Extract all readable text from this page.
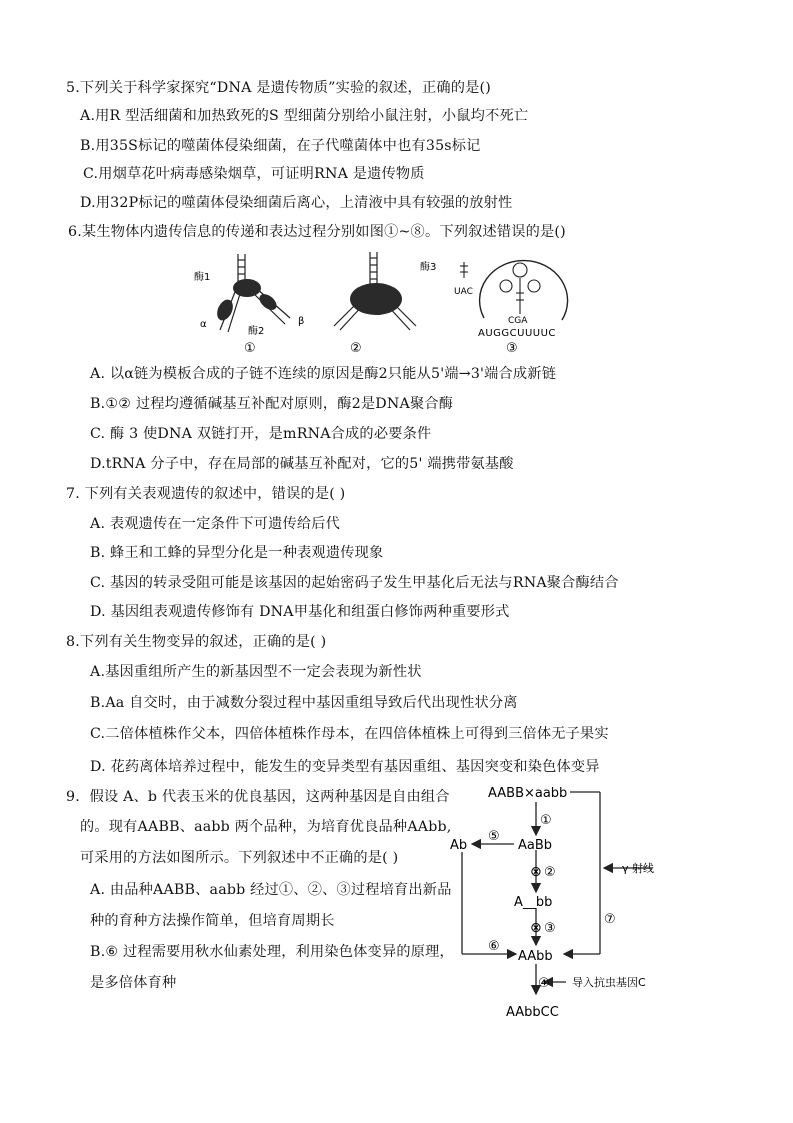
5.下列关于科学家探究“DNA 是遗传物质”实验的叙述，正确的是()
A.用R 型活细菌和加热致死的S 型细菌分别给小鼠注射，小鼠均不死亡
B.用35S标记的噬菌体侵染细菌，在子代噬菌体中也有35s标记
C.用烟草花叶病毒感染烟草，可证明RNA 是遗传物质
D.用32P标记的噬菌体侵染细菌后离心，上清液中具有较强的放射性
6.某生物体内遗传信息的传递和表达过程分别如图①~⑧。下列叙述错误的是()
酶1
α
酶2
β
①
酶3
②
UAC
CGA
AUGGCUUUUC
③
A. 以α链为模板合成的子链不连续的原因是酶2只能从5'端→3'端合成新链
B.①② 过程均遵循碱基互补配对原则，酶2是DNA聚合酶
C. 酶 3 使DNA 双链打开，是mRNA合成的必要条件
D.tRNA 分子中，存在局部的碱基互补配对，它的5' 端携带氨基酸
7. 下列有关表观遗传的叙述中，错误的是( )
A. 表观遗传在一定条件下可遗传给后代
B. 蜂王和工蜂的异型分化是一种表观遗传现象
C. 基因的转录受阻可能是该基因的起始密码子发生甲基化后无法与RNA聚合酶结合
D. 基因组表观遗传修饰有 DNA甲基化和组蛋白修饰两种重要形式
8.下列有关生物变异的叙述，正确的是( )
A.基因重组所产生的新基因型不一定会表现为新性状
B.Aa 自交时，由于减数分裂过程中基因重组导致后代出现性状分离
C.二倍体植株作父本，四倍体植株作母本，在四倍体植株上可得到三倍体无子果实
D. 花药离体培养过程中，能发生的变异类型有基因重组、基因突变和染色体变异
9．假设 A、b 代表玉米的优良基因，这两种基因是自由组合
的。现有AABB、aabb 两个品种，为培育优良品种AAbb,
可采用的方法如图所示。下列叙述中不正确的是( )
A. 由品种AABB、aabb 经过①、②、③过程培育出新品
种的育种方法操作简单，但培育周期长
B.⑥ 过程需要用秋水仙素处理，利用染色体变异的原理，
是多倍体育种
AABB×aabb
①
AaBb
Ab
⑤
⊗ ②
A__bb
⊗ ③
⑥
AAbb
⑦
γ 射线
④ 导入抗虫基因C
AAbbCC
